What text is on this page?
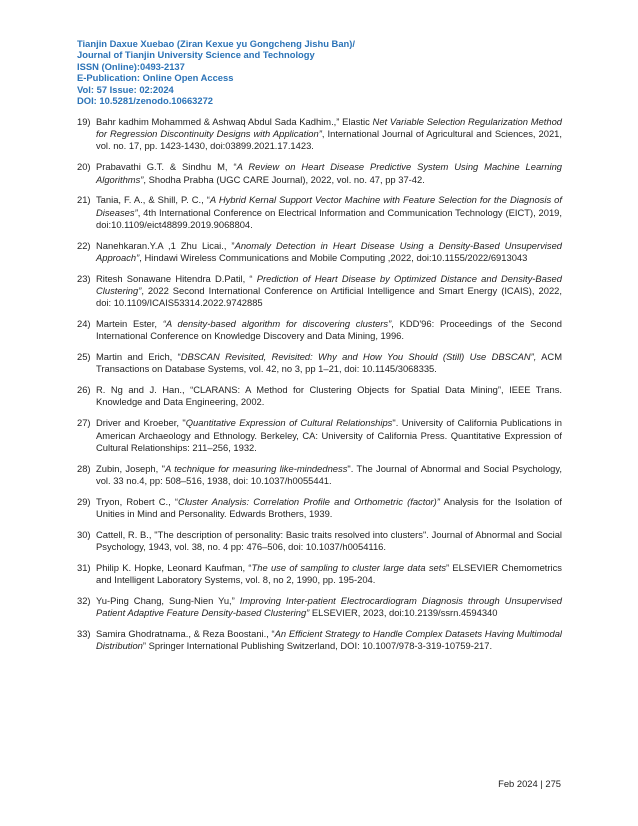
Tianjin Daxue Xuebao (Ziran Kexue yu Gongcheng Jishu Ban)/
Journal of Tianjin University Science and Technology
ISSN (Online):0493-2137
E-Publication: Online Open Access
Vol: 57 Issue: 02:2024
DOI: 10.5281/zenodo.10663272
19) Bahr kadhim Mohammed & Ashwaq Abdul Sada Kadhim.,” Elastic Net Variable Selection Regularization Method for Regression Discontinuity Designs with Application”, International Journal of Agricultural and Sciences, 2021, vol. no. 17, pp. 1423-1430, doi:03899.2021.17.1423.
20) Prabavathi G.T. & Sindhu M, “A Review on Heart Disease Predictive System Using Machine Learning Algorithms”, Shodha Prabha (UGC CARE Journal), 2022, vol. no. 47, pp 37-42.
21) Tania, F. A., & Shill, P. C., “A Hybrid Kernal Support Vector Machine with Feature Selection for the Diagnosis of Diseases”, 4th International Conference on Electrical Information and Communication Technology (EICT), 2019, doi:10.1109/eict48899.2019.9068804.
22) Nanehkaran.Y.A ,1 Zhu Licai., ”Anomaly Detection in Heart Disease Using a Density-Based Unsupervised Approach”, Hindawi Wireless Communications and Mobile Computing ,2022, doi:10.1155/2022/6913043
23) Ritesh Sonawane Hitendra D.Patil, “ Prediction of Heart Disease by Optimized Distance and Density-Based Clustering”, 2022 Second International Conference on Artificial Intelligence and Smart Energy (ICAIS), 2022, doi: 10.1109/ICAIS53314.2022.9742885
24) Martein Ester, “A density-based algorithm for discovering clusters”, KDD'96: Proceedings of the Second International Conference on Knowledge Discovery and Data Mining, 1996.
25) Martin and Erich, “DBSCAN Revisited, Revisited: Why and How You Should (Still) Use DBSCAN”, ACM Transactions on Database Systems, vol. 42, no 3, pp 1–21, doi: 10.1145/3068335.
26) R. Ng and J. Han., “CLARANS: A Method for Clustering Objects for Spatial Data Mining”, IEEE Trans. Knowledge and Data Engineering, 2002.
27) Driver and Kroeber, "Quantitative Expression of Cultural Relationships". University of California Publications in American Archaeology and Ethnology. Berkeley, CA: University of California Press. Quantitative Expression of Cultural Relationships: 211–256, 1932.
28) Zubin, Joseph, "A technique for measuring like-mindedness". The Journal of Abnormal and Social Psychology, vol. 33 no.4, pp: 508–516, 1938, doi: 10.1037/h0055441.
29) Tryon, Robert C., “Cluster Analysis: Correlation Profile and Orthometric (factor)” Analysis for the Isolation of Unities in Mind and Personality. Edwards Brothers, 1939.
30) Cattell, R. B., "The description of personality: Basic traits resolved into clusters". Journal of Abnormal and Social Psychology, 1943, vol. 38, no. 4 pp: 476–506, doi: 10.1037/h0054116.
31) Philip K. Hopke, Leonard Kaufman, “The use of sampling to cluster large data sets” ELSEVIER Chemometrics and Intelligent Laboratory Systems, vol. 8, no 2, 1990, pp. 195-204.
32) Yu-Ping Chang, Sung-Nien Yu,” Improving Inter-patient Electrocardiogram Diagnosis through Unsupervised Patient Adaptive Feature Density-based Clustering” ELSEVIER, 2023, doi:10.2139/ssrn.4594340
33) Samira Ghodratnama., & Reza Boostani., “An Efficient Strategy to Handle Complex Datasets Having Multimodal Distribution” Springer International Publishing Switzerland, DOI: 10.1007/978-3-319-10759-217.
Feb 2024 | 275
